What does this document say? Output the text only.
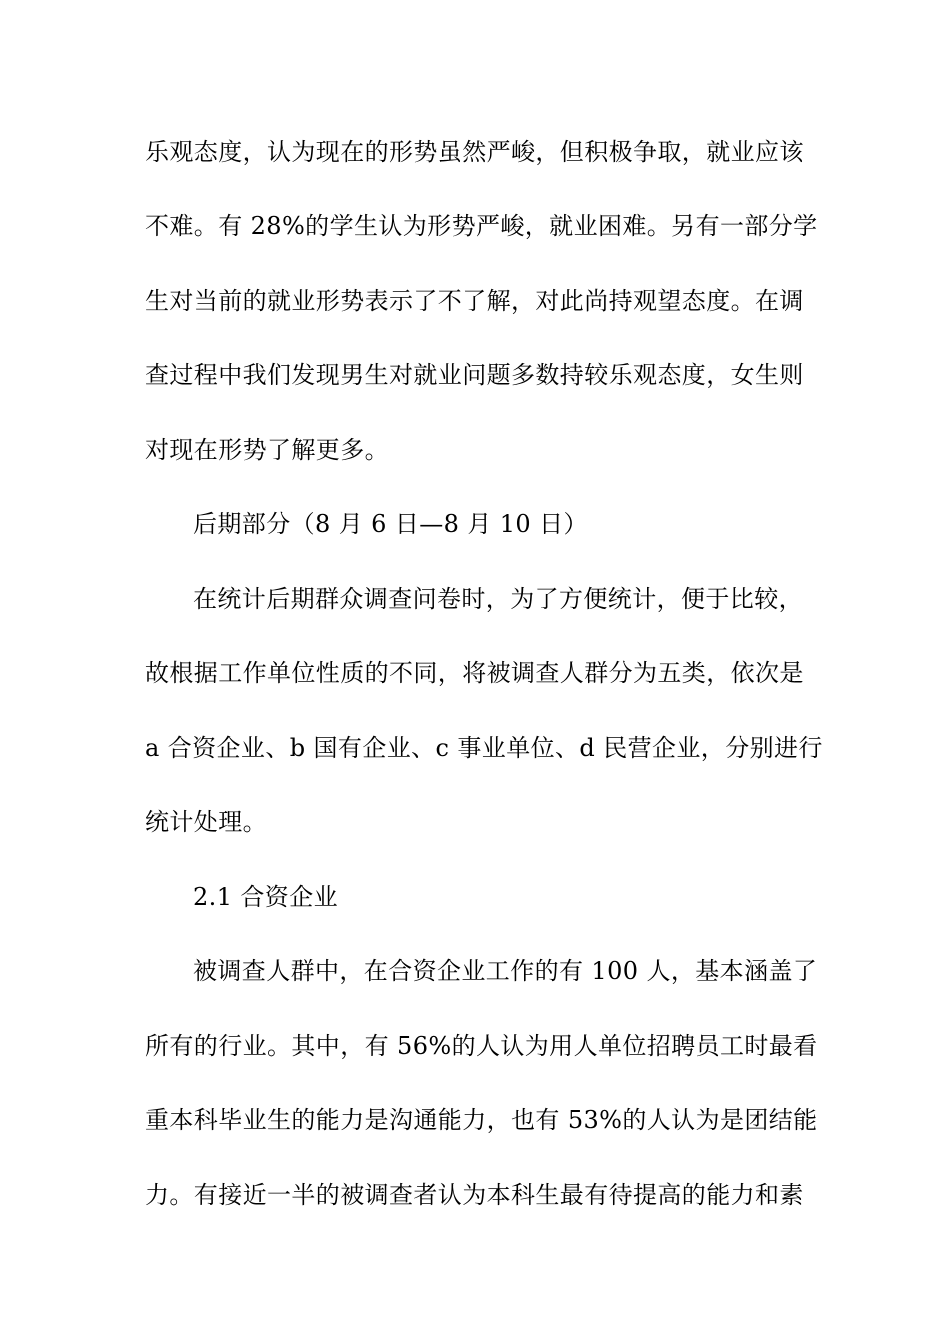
乐观态度，认为现在的形势虽然严峻，但积极争取，就业应该
不难。有 28%的学生认为形势严峻，就业困难。另有一部分学
生对当前的就业形势表示了不了解，对此尚持观望态度。在调
查过程中我们发现男生对就业问题多数持较乐观态度，女生则
对现在形势了解更多。
后期部分（8 月 6 日—8 月 10 日）
在统计后期群众调查问卷时，为了方便统计，便于比较，
故根据工作单位性质的不同，将被调查人群分为五类，依次是
a 合资企业、b 国有企业、c 事业单位、d 民营企业，分别进行
统计处理。
2.1 合资企业
被调查人群中，在合资企业工作的有 100 人，基本涵盖了
所有的行业。其中，有 56%的人认为用人单位招聘员工时最看
重本科毕业生的能力是沟通能力，也有 53%的人认为是团结能
力。有接近一半的被调查者认为本科生最有待提高的能力和素
